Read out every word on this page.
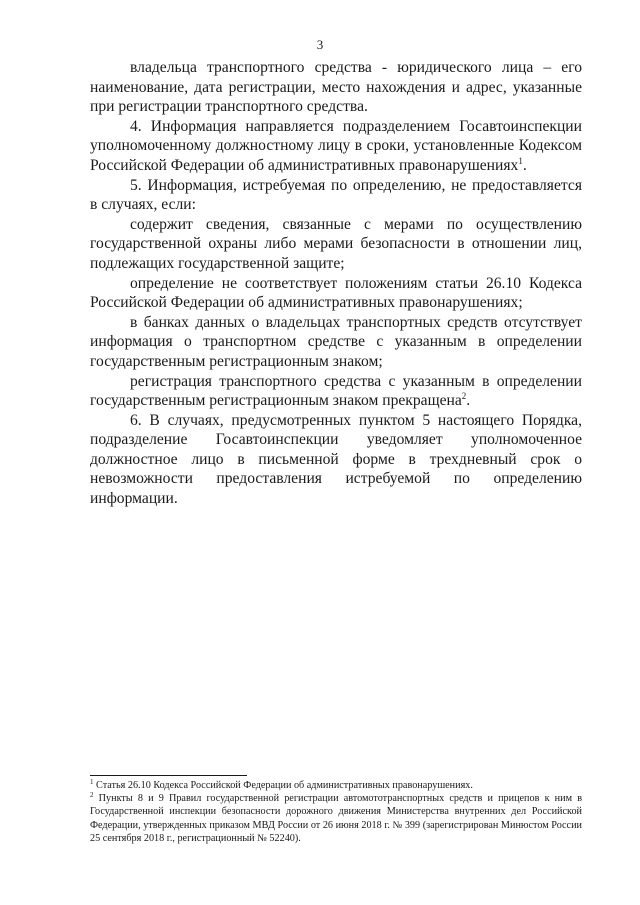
3

владельца транспортного средства - юридического лица – его наименование, дата регистрации, место нахождения и адрес, указанные при регистрации транспортного средства.

4. Информация направляется подразделением Госавтоинспекции уполномоченному должностному лицу в сроки, установленные Кодексом Российской Федерации об административных правонарушениях$^1$.

5. Информация, истребуемая по определению, не предоставляется в случаях, если:

содержит сведения, связанные с мерами по осуществлению государственной охраны либо мерами безопасности в отношении лиц, подлежащих государственной защите;

определение не соответствует положениям статьи 26.10 Кодекса Российской Федерации об административных правонарушениях;

в банках данных о владельцах транспортных средств отсутствует информация о транспортном средстве с указанным в определении государственным регистрационным знаком;

регистрация транспортного средства с указанным в определении государственным регистрационным знаком прекращена$^2$.

6. В случаях, предусмотренных пунктом 5 настоящего Порядка, подразделение Госавтоинспекции уведомляет уполномоченное должностное лицо в письменной форме в трехдневный срок о невозможности предоставления истребуемой по определению информации.

$^1$ Статья 26.10 Кодекса Российской Федерации об административных правонарушениях.

$^2$ Пункты 8 и 9 Правил государственной регистрации автомототранспортных средств и прицепов к ним в Государственной инспекции безопасности дорожного движения Министерства внутренних дел Российской Федерации, утвержденных приказом МВД России от 26 июня 2018 г. № 399 (зарегистрирован Минюстом России 25 сентября 2018 г., регистрационный № 52240).
